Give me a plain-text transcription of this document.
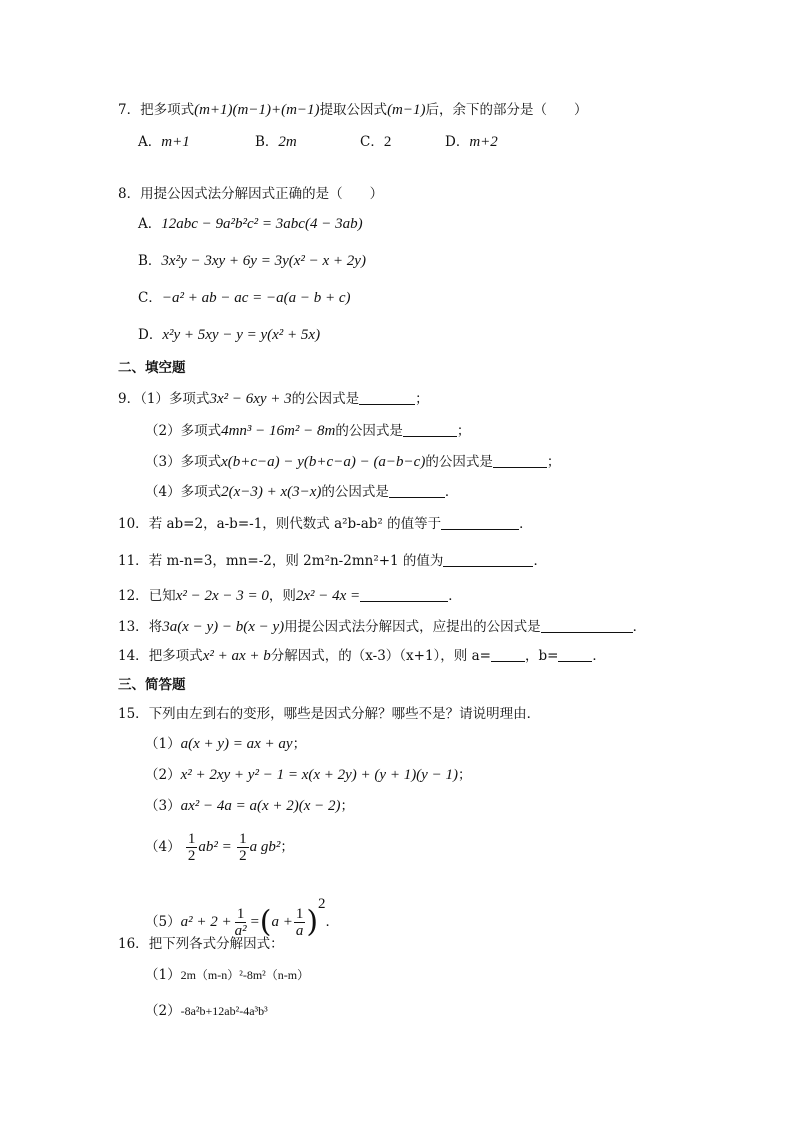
7．把多项式(m+1)(m−1)+(m−1)提取公因式(m−1)后，余下的部分是（　　）
A．m+1	B．2m	C．2	D．m+2
8．用提公因式法分解因式正确的是（　　）
A．12abc − 9a²b²c² = 3abc(4 − 3ab)
B．3x²y − 3xy + 6y = 3y(x² − x + 2y)
C．−a² + ab − ac = −a(a − b + c)
D．x²y + 5xy − y = y(x² + 5x)
二、填空题
9．（1）多项式3x² − 6xy + 3的公因式是	；
（2）多项式4mn³ − 16m² − 8m的公因式是	；
（3）多项式x(b+c−a) − y(b+c−a) − (a−b−c)的公因式是	；
（4）多项式2(x−3) + x(3−x)的公因式是	．
10．若 ab=2，a-b=-1，则代数式 a²b-ab² 的值等于	．
11．若 m-n=3，mn=-2，则 2m²n-2mn²+1 的值为	．
12．已知x² − 2x − 3 = 0，则2x² − 4x =	．
13．将3a(x − y) − b(x − y)用提公因式法分解因式，应提出的公因式是	．
14．把多项式x² + ax + b分解因式，的（x-3）（x+1），则 a=	，b=	．
三、简答题
15．下列由左到右的变形，哪些是因式分解？哪些不是？请说明理由．
（1）a(x + y) = ax + ay；
（2）x² + 2xy + y² − 1 = x(x + 2y) + (y + 1)(y − 1)；
（3）ax² − 4a = a(x + 2)(x − 2)；
$(4) \frac{1}{2} ab^2 = \frac{1}{2}$ a gb²；
$(5)a^2 + 2 + \frac{1}{\text{a²}} =(a + \frac{1}{a} )^2$．
16．把下列各式分解因式：
（1）2m（m-n）²-8m²（n-m）
（2）-8a²b+12ab²-4a³b³
